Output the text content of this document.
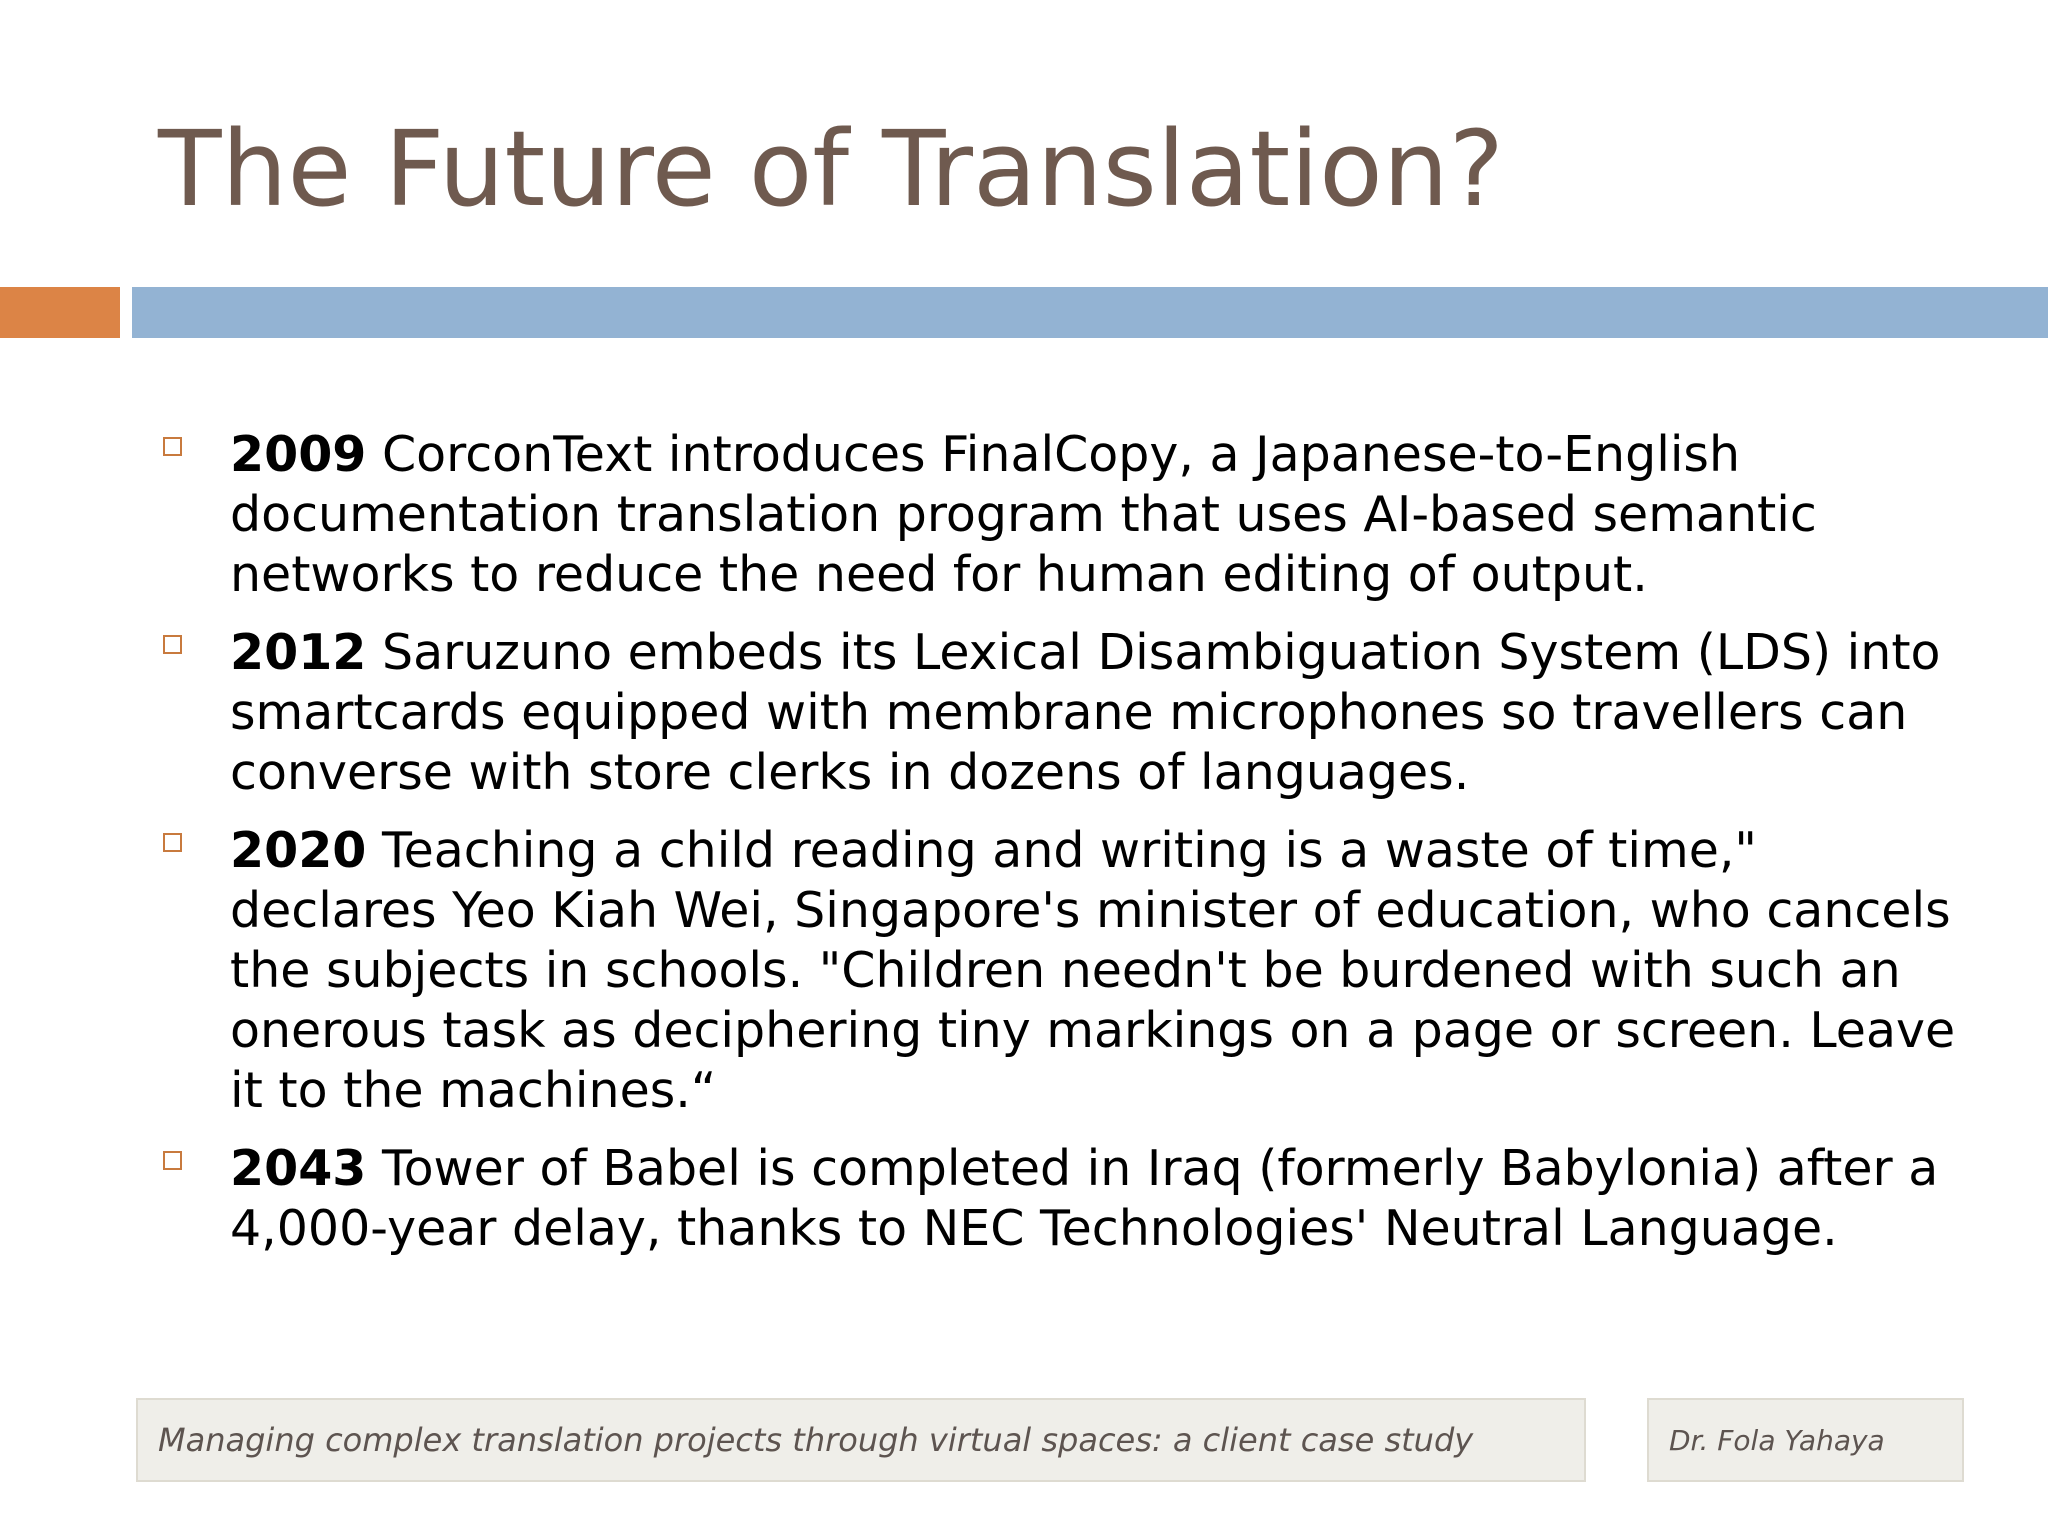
The Future of Translation?
2009 CorconText introduces FinalCopy, a Japanese-to-English documentation translation program that uses AI-based semantic networks to reduce the need for human editing of output.
2012 Saruzuno embeds its Lexical Disambiguation System (LDS) into smartcards equipped with membrane microphones so travellers can converse with store clerks in dozens of languages.
2020 Teaching a child reading and writing is a waste of time," declares Yeo Kiah Wei, Singapore's minister of education, who cancels the subjects in schools. "Children needn't be burdened with such an onerous task as deciphering tiny markings on a page or screen. Leave it to the machines.“
2043 Tower of Babel is completed in Iraq (formerly Babylonia) after a 4,000-year delay, thanks to NEC Technologies' Neutral Language.
Managing complex translation projects through virtual spaces: a client case study	Dr. Fola Yahaya
